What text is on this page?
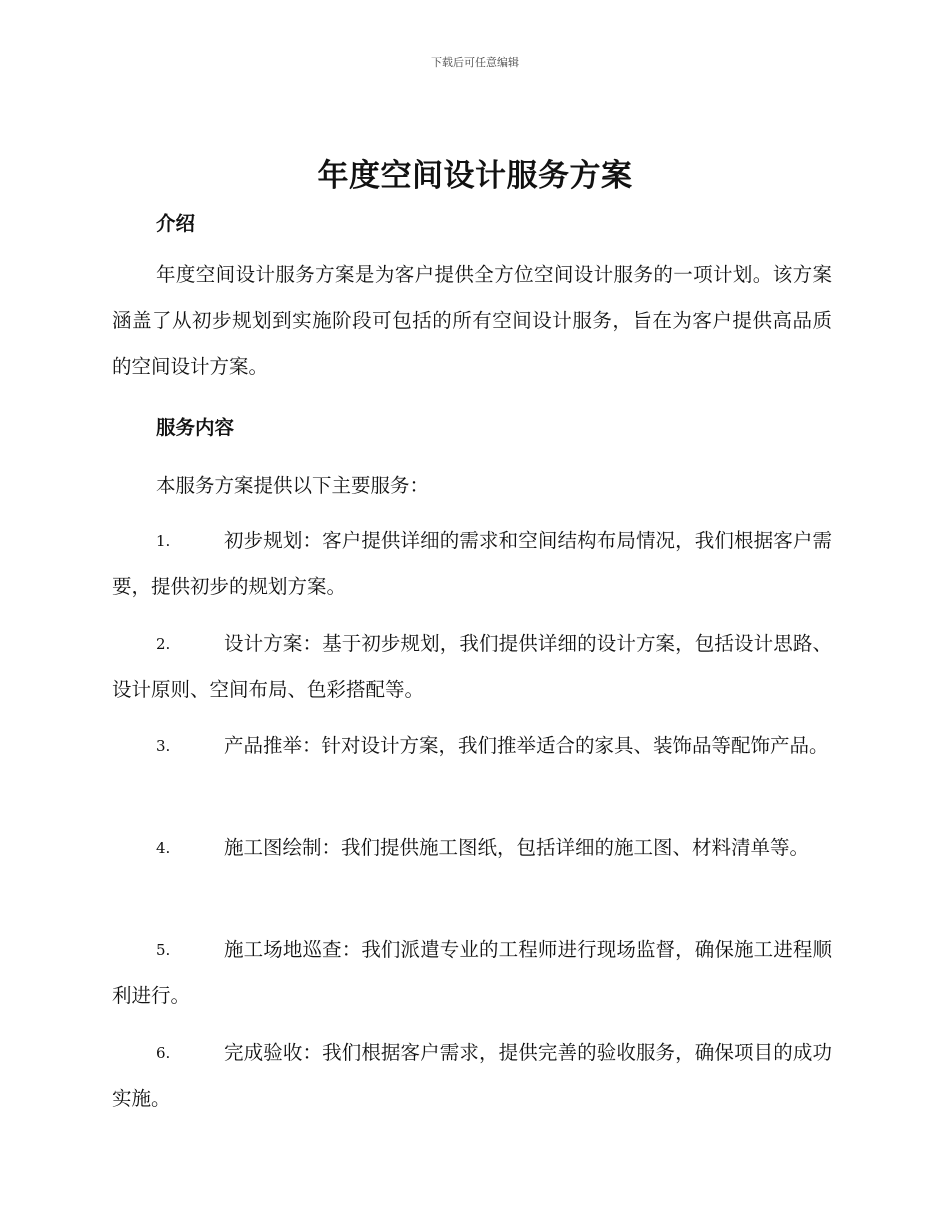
下载后可任意编辑
年度空间设计服务方案
介绍
年度空间设计服务方案是为客户提供全方位空间设计服务的一项计划。该方案涵盖了从初步规划到实施阶段可包括的所有空间设计服务，旨在为客户提供高品质的空间设计方案。
服务内容
本服务方案提供以下主要服务：
1.	初步规划：客户提供详细的需求和空间结构布局情况，我们根据客户需要，提供初步的规划方案。
2.	设计方案：基于初步规划，我们提供详细的设计方案，包括设计思路、设计原则、空间布局、色彩搭配等。
3.	产品推举：针对设计方案，我们推举适合的家具、装饰品等配饰产品。
4.	施工图绘制：我们提供施工图纸，包括详细的施工图、材料清单等。
5.	施工场地巡查：我们派遣专业的工程师进行现场监督，确保施工进程顺利进行。
6.	完成验收：我们根据客户需求，提供完善的验收服务，确保项目的成功实施。
